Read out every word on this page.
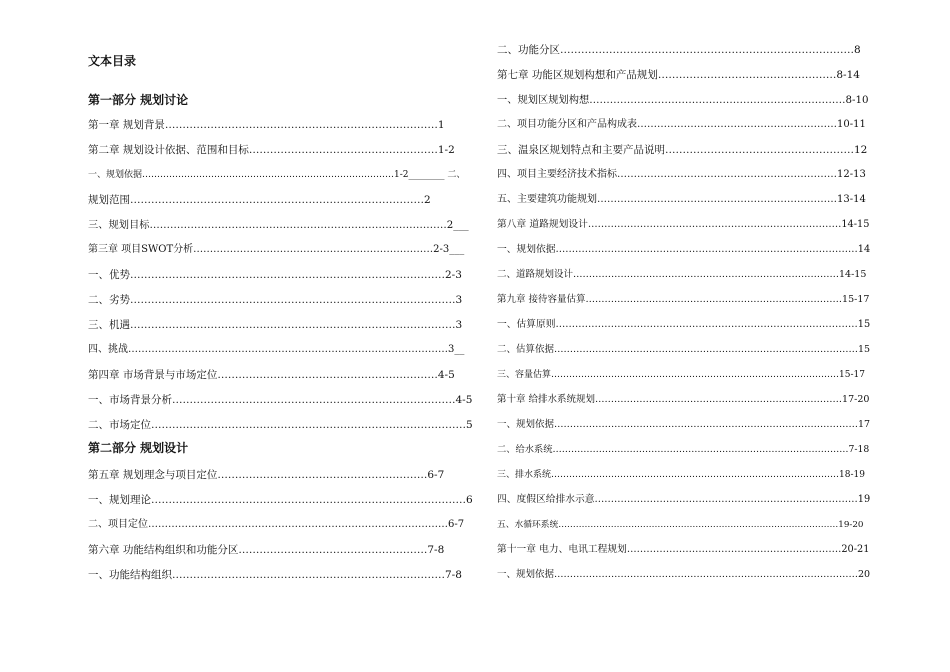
文本目录
第一部分 规划讨论
第一章 规划背景……………………………………………………………………1
第二章 规划设计依据、范围和目标………………………………………………1-2
一、规划依据…………………………………………………………………………1-2________ 二、
规划范围…………………………………………………………………………2
三、规划目标……………………………………………………………………………2___
第三章 项目SWOT分析………………………………………………………………2-3___
一、优势………………………………………………………………………………2-3
二、劣势…………………………………………………………………………………3
三、机遇…………………………………………………………………………………3
四、挑战……………………………………………………………………………………3__
第四章 市场背景与市场定位………………………………………………………4-5
一、市场背景分析………………………………………………………………………4-5
二、市场定位………………………………………………………………………………5
第二部分 规划设计
第五章 规划理念与项目定位……………………………………………………6-7
一、规划理论………………………………………………………………………………6
二、项目定位………………………………………………………………………………6-7
第六章 功能结构组织和功能分区………………………………………………7-8
一、功能结构组织……………………………………………………………………7-8
二、功能分区…………………………………………………………………………8
第七章 功能区规划构想和产品规划……………………………………………8-14
一、规划区规划构想…………………………………………………………………8-10
二、项目功能分区和产品构成表……………………………………………………10-11
三、温泉区规划特点和主要产品说明………………………………………………12
四、项目主要经济技术指标…………………………………………………………12-13
五、主要建筑功能规划………………………………………………………………13-14
第八章 道路规划设计……………………………………………………………………14-15
一、规划依据…………………………………………………………………………………14
二、道路规划设计…………………………………………………………………………14-15
第九章 接待容量估算………………………………………………………………………15-17
一、估算原则…………………………………………………………………………………15
二、估算依据……………………………………………………………………………………15
三、容量估算……………………………………………………………………………………15-17
第十章 给排水系统规划……………………………………………………………………17-20
一、规划依据……………………………………………………………………………………17
二、给水系统……………………………………………………………………………………7-18
三、排水系统……………………………………………………………………………………18-19
四、度假区给排水示意………………………………………………………………………19
五、水循环系统……………………………………………………………………………………19-20
第十一章 电力、电讯工程规划…………………………………………………………20-21
一、规划依据……………………………………………………………………………………20
